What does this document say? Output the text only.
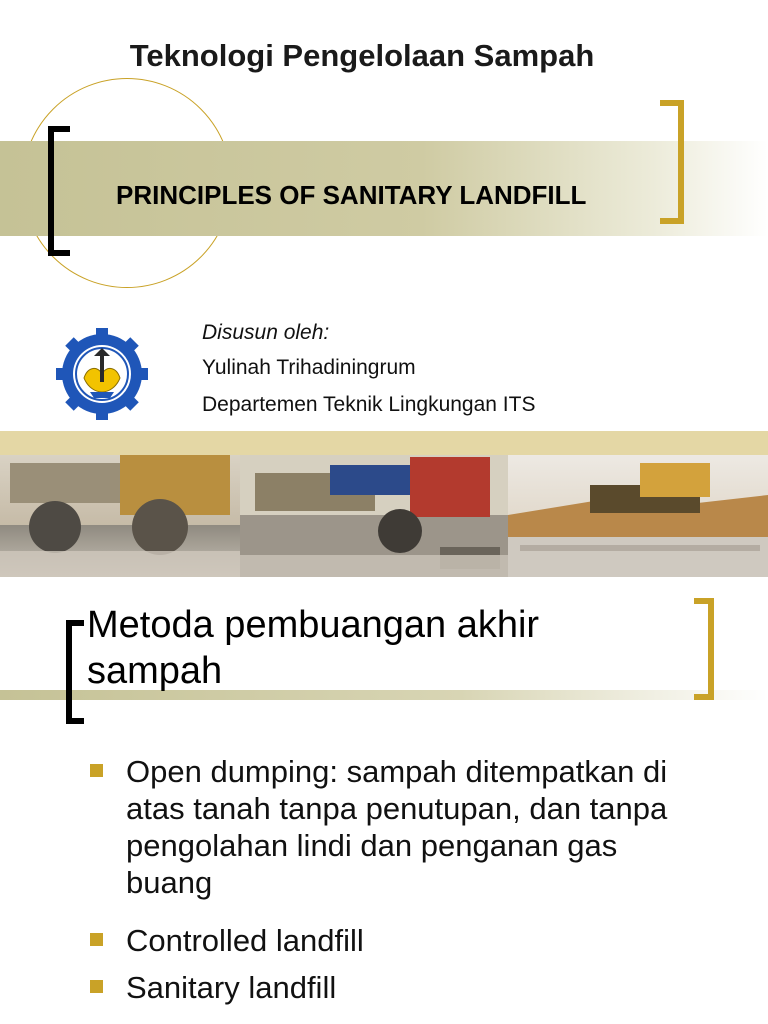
Teknologi Pengelolaan Sampah
PRINCIPLES OF SANITARY LANDFILL
Disusun oleh:
Yulinah Trihadiningrum
Departemen Teknik Lingkungan ITS
Metoda pembuangan akhir sampah
Open dumping: sampah ditempatkan di atas tanah tanpa penutupan, dan tanpa pengolahan lindi dan penganan gas buang
Controlled landfill
Sanitary landfill
